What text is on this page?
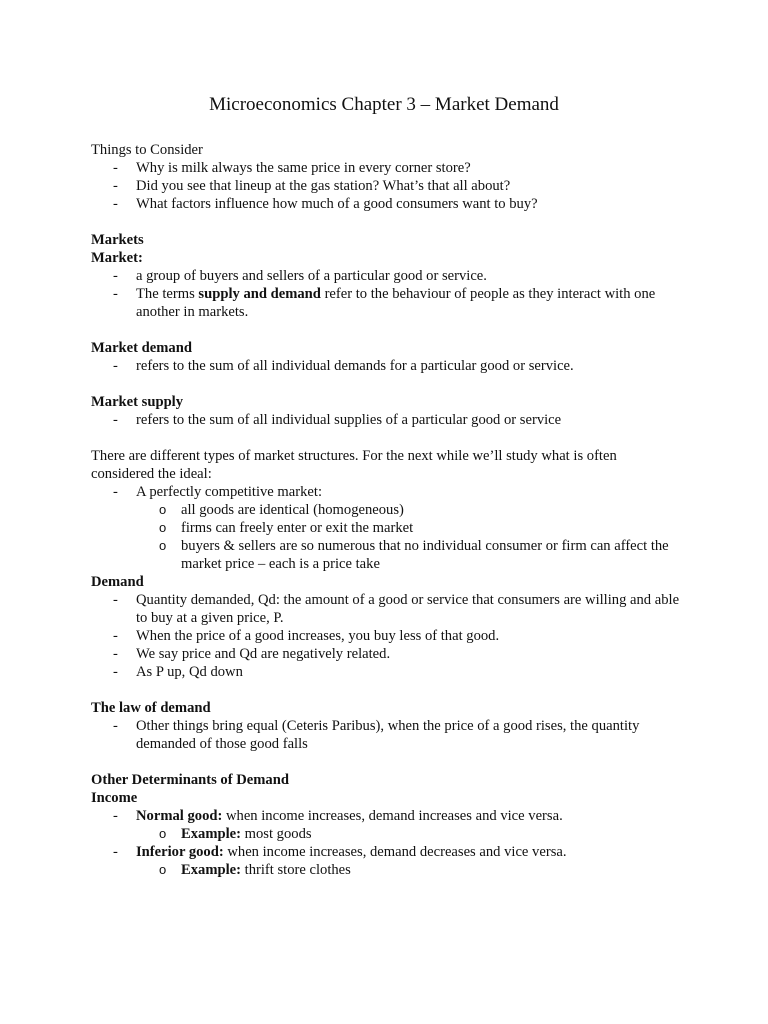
Microeconomics Chapter 3 – Market Demand

Things to Consider

- Why is milk always the same price in every corner store?
- Did you see that lineup at the gas station? What’s that all about?
- What factors influence how much of a good consumers want to buy?

Markets

Market:

- a group of buyers and sellers of a particular good or service.
- The terms supply and demand refer to the behaviour of people as they interact with one another in markets.

Market demand

- refers to the sum of all individual demands for a particular good or service.

Market supply

- refers to the sum of all individual supplies of a particular good or service

There are different types of market structures. For the next while we’ll study what is often considered the ideal:

- A perfectly competitive market:
o all goods are identical (homogeneous)
o firms can freely enter or exit the market
o buyers & sellers are so numerous that no individual consumer or firm can affect the market price – each is a price take

Demand

- Quantity demanded, Qd: the amount of a good or service that consumers are willing and able to buy at a given price, P.
- When the price of a good increases, you buy less of that good.
- We say price and Qd are negatively related.
- As P up, Qd down

The law of demand

- Other things bring equal (Ceteris Paribus), when the price of a good rises, the quantity demanded of those good falls

Other Determinants of Demand

Income

- Normal good: when income increases, demand increases and vice versa.
o Example: most goods
- Inferior good: when income increases, demand decreases and vice versa.
o Example: thrift store clothes
